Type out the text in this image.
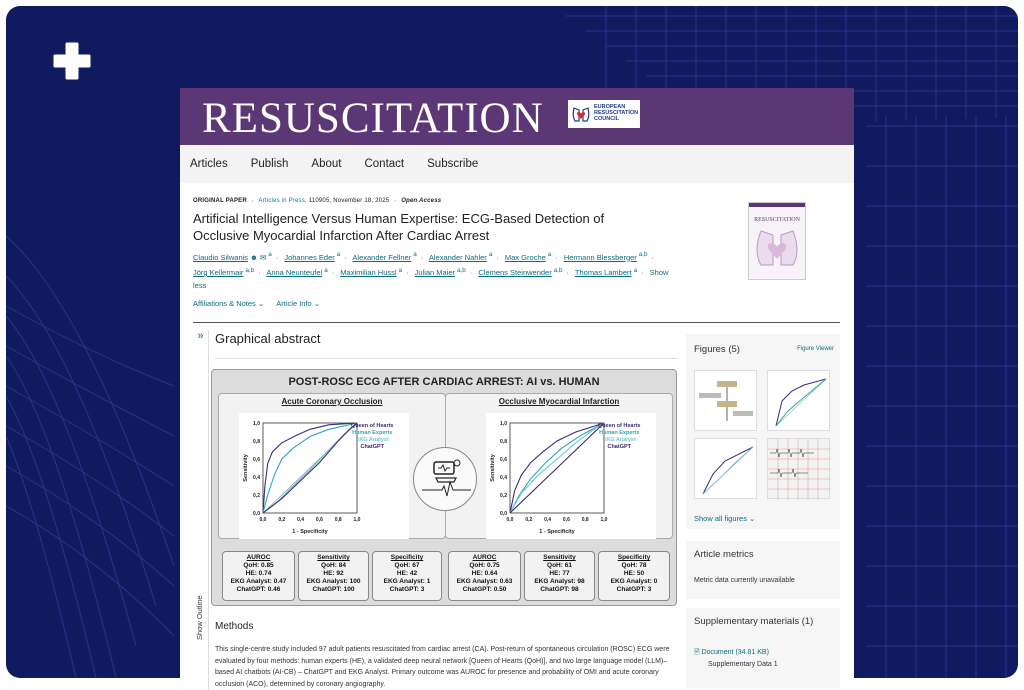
RESUSCITATION	EUROPEAN
RESUSCITATION
COUNCIL
Articles Publish About Contact Subscribe
ORIGINAL PAPER · Articles in Press, 110905, November 18, 2025 · Open Access
Artificial Intelligence Versus Human Expertise: ECG-Based Detection of Occlusive Myocardial Infarction After Cardiac Arrest
Claudio Silwanis ☻ ✉ $^a$ · Johannes Eder $^a$ · Alexander Fellner $^a$ · Alexander Nahler $^a$ · Max Groche $^a$ · Hermann Blessberger $^{a,b}$ ·
Jörg Kellermair $^{a,b}$ · Anna Neunteufel $^a$ · Maximilian Hussl $^a$ · Julian Maier $^{a,b}$ · Clemens Steinwender $^{a,b}$ · Thomas Lambert $^a$ · Show less
Affiliations & Notes ⌄ Article Info ⌄
RESUSCITATION
»
Show Outline
Graphical abstract
POST-ROSC ECG AFTER CARDIAC ARREST: AI vs. HUMAN
Acute Coronary Occlusion
0,0 0,2 0,4 0,6 0,8 1,0
1,0
0,8
0,6
0,4
0,2
0,0
1 - Specificity
Sensitivity
Queen of Hearts
Human Experts
EKG Analyst
ChatGPT
Occlusive Myocardial Infarction
0,0 0,2 0,4 0,6 0,8 1,0
1,0
0,8
0,6
0,4
0,2
0,0
1 - Specificity
Sensitivity
Queen of Hearts
Human Experts
EKG Analyst
ChatGPT
AUROC
QoH: 0.85
HE: 0.74
EKG Analyst: 0.47
ChatGPT: 0.46
Sensitivity
QoH: 84
HE: 92
EKG Analyst: 100
ChatGPT: 100
Specificity
QoH: 67
HE: 42
EKG Analyst: 1
ChatGPT: 3
AUROC
QoH: 0.75
HE: 0.64
EKG Analyst: 0.63
ChatGPT: 0.50
Sensitivity
QoH: 61
HE: 77
EKG Analyst: 98
ChatGPT: 98
Specificity
QoH: 78
HE: 50
EKG Analyst: 0
ChatGPT: 3
Methods
This single-centre study included 97 adult patients resuscitated from cardiac arrest (CA). Post-return of spontaneous circulation (ROSC) ECG were evaluated by four methods: human experts (HE), a validated deep neural network [Queen of Hearts (QoH)], and two large language model (LLM)–based AI chatbots (AI-CB) – ChatGPT and EKG Analyst. Primary outcome was AUROC for presence and probability of OMI and acute coronary occlusion (ACO), determined by coronary angiography.
Figures (5)	Figure Viewer
Show all figures ⌄
Article metrics
Metric data currently unavailable
Supplementary materials (1)
🗎 Document (34.81 KB)
Supplementary Data 1
